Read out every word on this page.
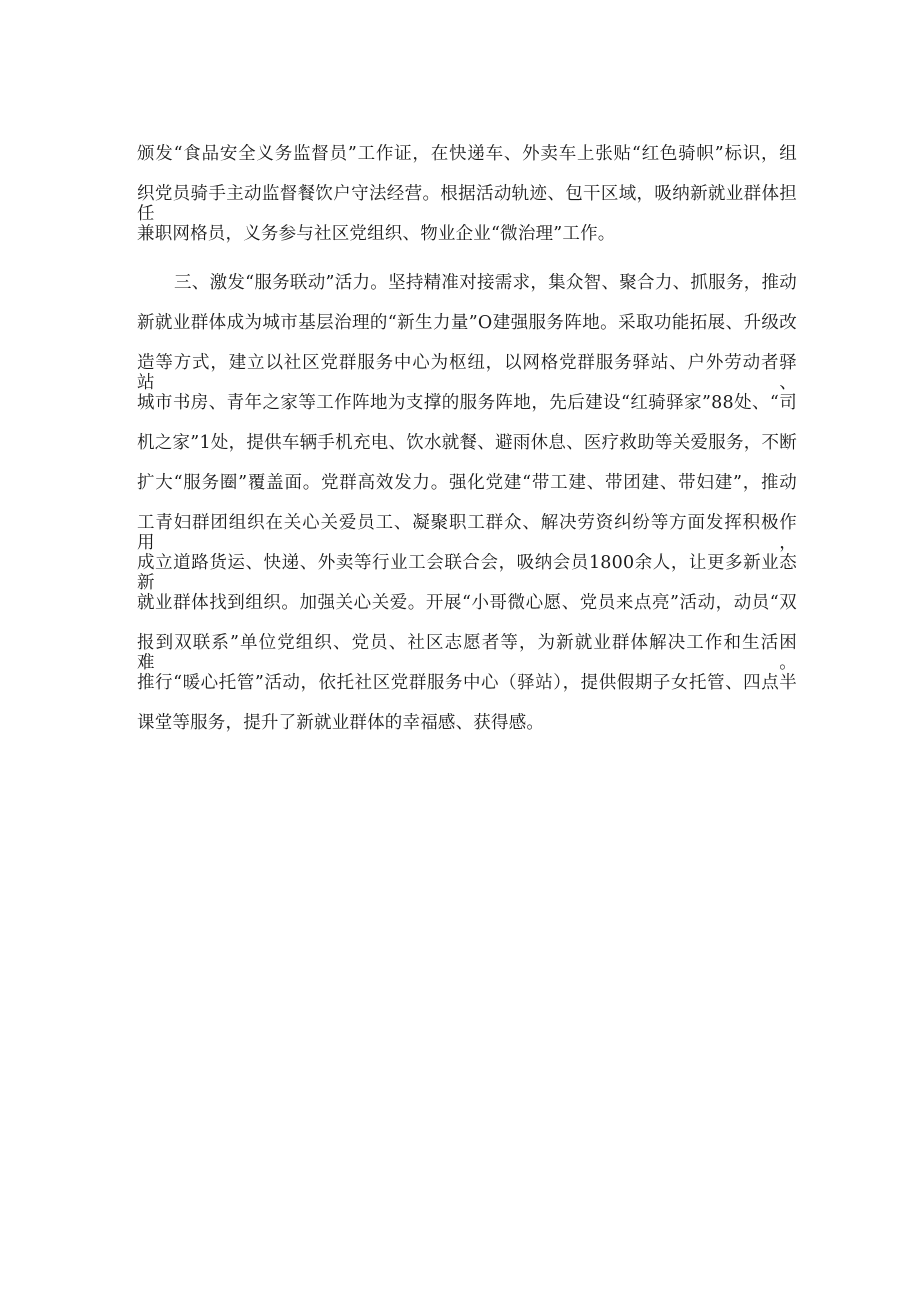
颁发“食品安全义务监督员”工作证，在快递车、外卖车上张贴“红色骑帜”标识，组
织党员骑手主动监督餐饮户守法经营。根据活动轨迹、包干区域，吸纳新就业群体担任
兼职网格员，义务参与社区党组织、物业企业“微治理”工作。
三、激发“服务联动”活力。坚持精准对接需求，集众智、聚合力、抓服务，推动
新就业群体成为城市基层治理的“新生力量”O建强服务阵地。采取功能拓展、升级改
造等方式，建立以社区党群服务中心为枢纽，以网格党群服务驿站、户外劳动者驿站、
城市书房、青年之家等工作阵地为支撑的服务阵地，先后建设“红骑驿家”88处、“司
机之家”1处，提供车辆手机充电、饮水就餐、避雨休息、医疗救助等关爱服务，不断
扩大“服务圈”覆盖面。党群高效发力。强化党建“带工建、带团建、带妇建”，推动
工青妇群团组织在关心关爱员工、凝聚职工群众、解决劳资纠纷等方面发挥积极作用，
成立道路货运、快递、外卖等行业工会联合会，吸纳会员1800余人，让更多新业态新
就业群体找到组织。加强关心关爱。开展“小哥微心愿、党员来点亮”活动，动员“双
报到双联系”单位党组织、党员、社区志愿者等，为新就业群体解决工作和生活困难。
推行“暖心托管”活动，依托社区党群服务中心（驿站），提供假期子女托管、四点半
课堂等服务，提升了新就业群体的幸福感、获得感。
